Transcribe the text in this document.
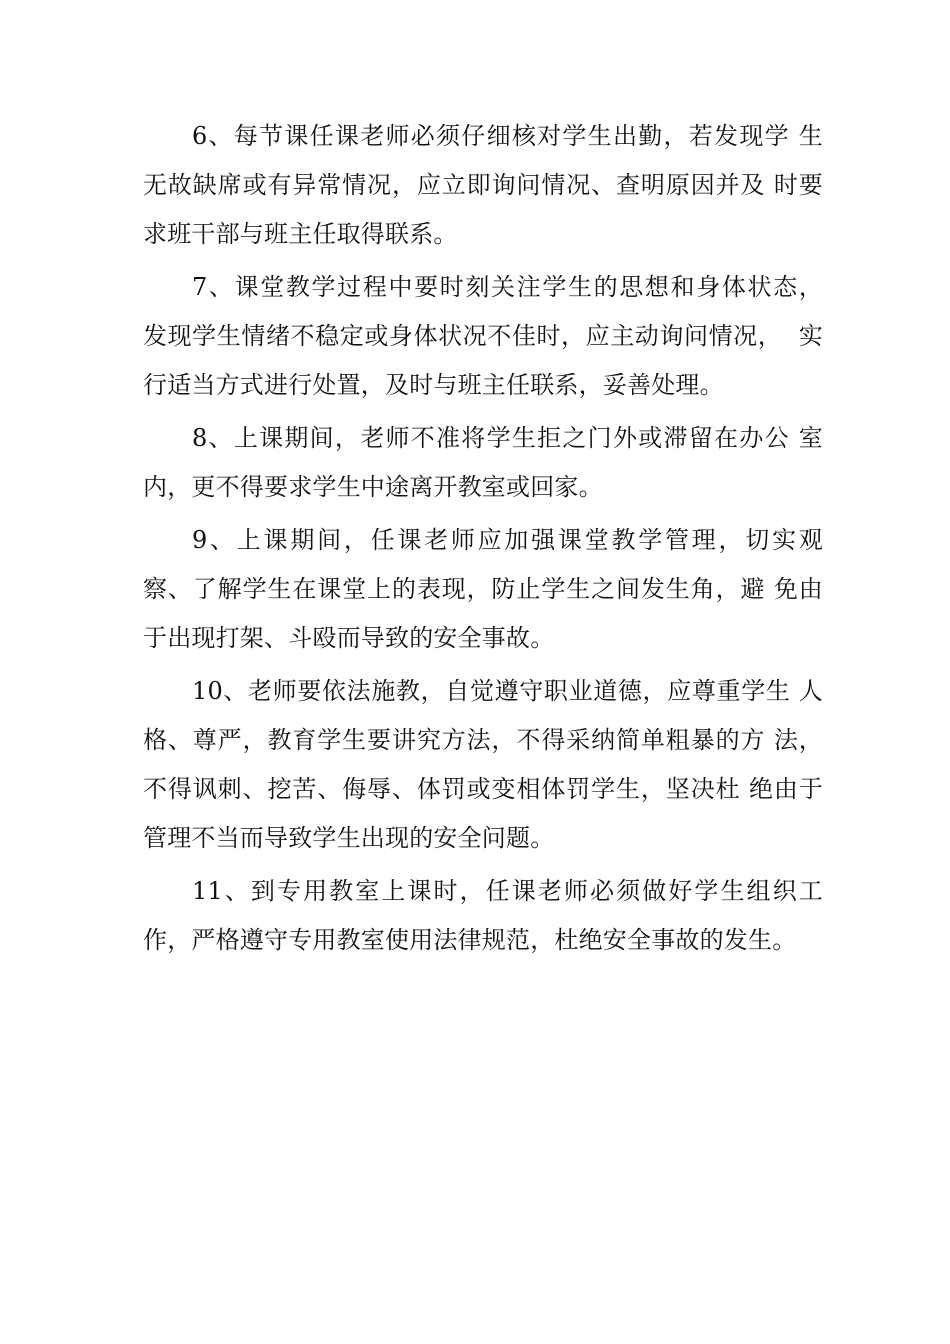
6、每节课任课老师必须仔细核对学生出勤，若发现学 生
无故缺席或有异常情况，应立即询问情况、查明原因并及 时要
求班干部与班主任取得联系。
7、课堂教学过程中要时刻关注学生的思想和身体状态，
发现学生情绪不稳定或身体状况不佳时，应主动询问情况，  实
行适当方式进行处置，及时与班主任联系，妥善处理。
8、上课期间，老师不准将学生拒之门外或滞留在办公 室
内，更不得要求学生中途离开教室或回家。
9、上课期间，任课老师应加强课堂教学管理，切实观
察、了解学生在课堂上的表现，防止学生之间发生角，避 免由
于出现打架、斗殴而导致的安全事故。
10、老师要依法施教，自觉遵守职业道德，应尊重学生 人
格、尊严，教育学生要讲究方法，不得采纳简单粗暴的方 法，
不得讽刺、挖苦、侮辱、体罚或变相体罚学生，坚决杜 绝由于
管理不当而导致学生出现的安全问题。
11、到专用教室上课时，任课老师必须做好学生组织工
作，严格遵守专用教室使用法律规范，杜绝安全事故的发生。
